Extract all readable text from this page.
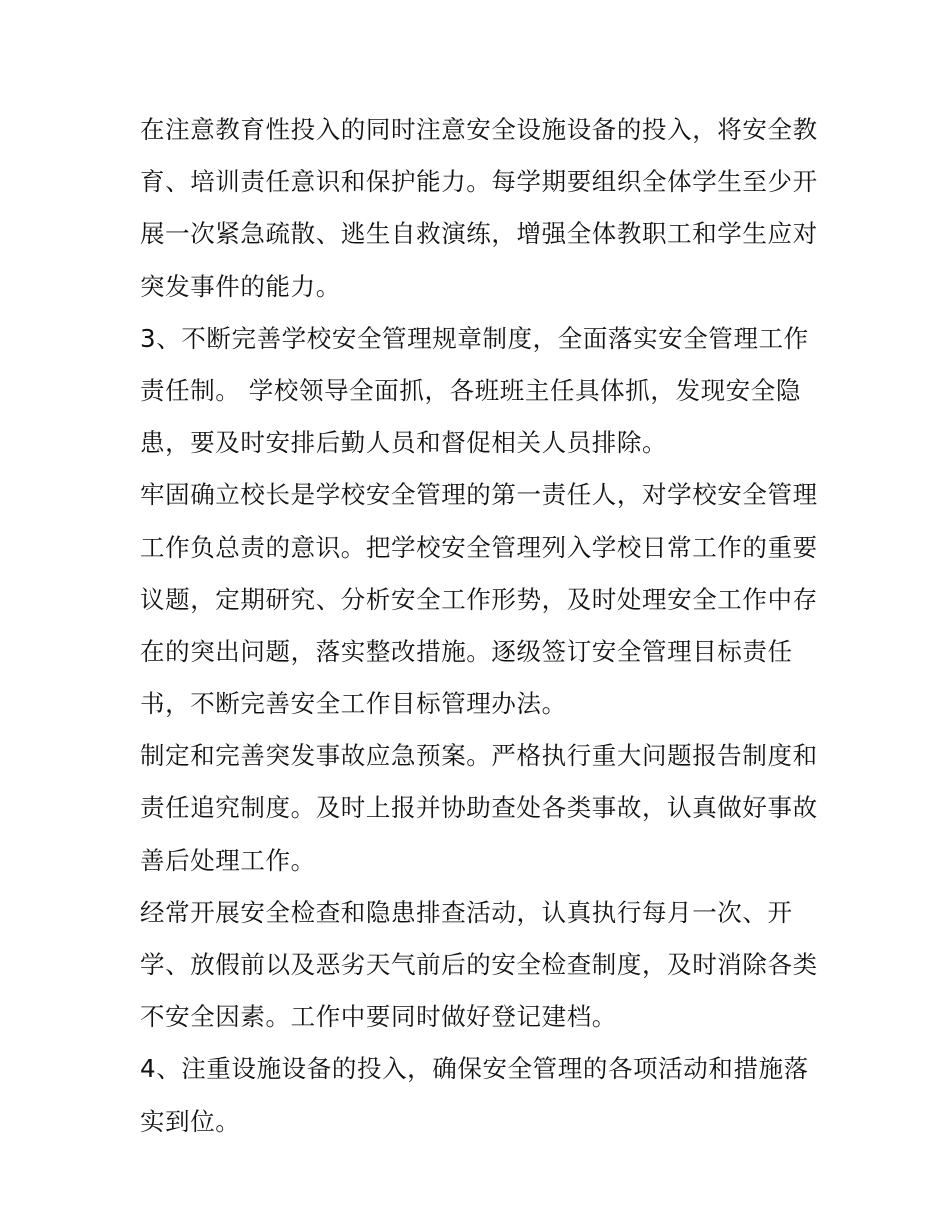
在注意教育性投入的同时注意安全设施设备的投入，将安全教
育、培训责任意识和保护能力。每学期要组织全体学生至少开
展一次紧急疏散、逃生自救演练，增强全体教职工和学生应对
突发事件的能力。
3、不断完善学校安全管理规章制度，全面落实安全管理工作
责任制。 学校领导全面抓，各班班主任具体抓，发现安全隐
患，要及时安排后勤人员和督促相关人员排除。
牢固确立校长是学校安全管理的第一责任人，对学校安全管理
工作负总责的意识。把学校安全管理列入学校日常工作的重要
议题，定期研究、分析安全工作形势，及时处理安全工作中存
在的突出问题，落实整改措施。逐级签订安全管理目标责任
书，不断完善安全工作目标管理办法。
制定和完善突发事故应急预案。严格执行重大问题报告制度和
责任追究制度。及时上报并协助查处各类事故，认真做好事故
善后处理工作。
经常开展安全检查和隐患排查活动，认真执行每月一次、开
学、放假前以及恶劣天气前后的安全检查制度，及时消除各类
不安全因素。工作中要同时做好登记建档。
4、注重设施设备的投入，确保安全管理的各项活动和措施落
实到位。
